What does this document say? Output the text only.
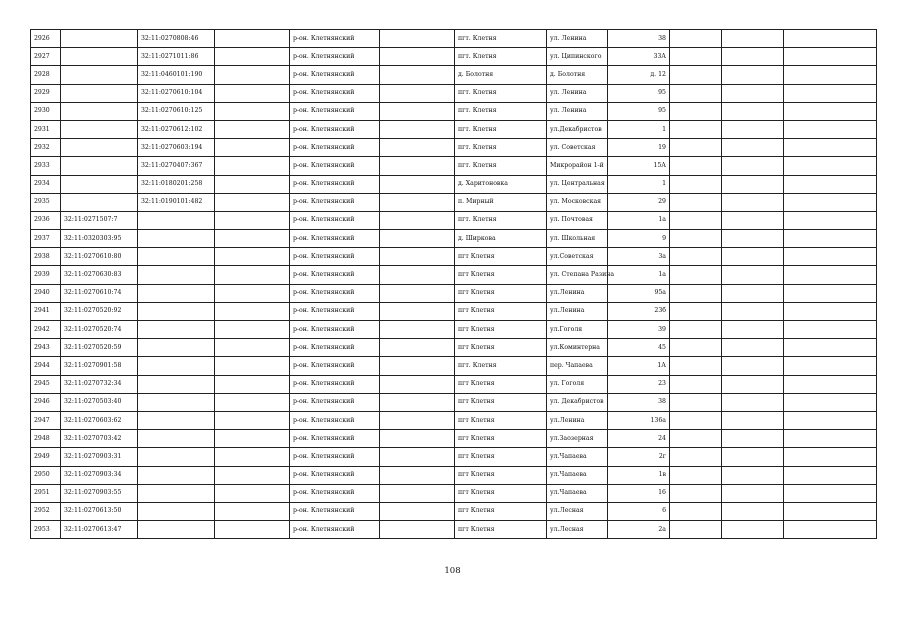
2926		32:11:0270808:46		р-он. Клетнянский		пгт. Клетня	ул. Ленина	38			
2927		32:11:0271011:86		р-он. Клетнянский		пгт. Клетня	ул. Ципинского	33А			
2928		32:11:0460101:190		р-он. Клетнянский		д. Болотня	д. Болотня	д. 12			
2929		32:11:0270610:104		р-он. Клетнянский		пгт. Клетня	ул. Ленина	95			
2930		32:11:0270610:125		р-он. Клетнянский		пгт. Клетня	ул. Ленина	95			
2931		32:11:0270612:102		р-он. Клетнянский		пгт. Клетня	ул.Декабристов	1			
2932		32:11:0270603:194		р-он. Клетнянский		пгт. Клетня	ул. Советская	19			
2933		32:11:0270407:367		р-он. Клетнянский		пгт. Клетня	Микрорайон 1-й	15А			
2934		32:11:0180201:258		р-он. Клетнянский		д. Харитоновка	ул. Центральная	1			
2935		32:11:0190101:482		р-он. Клетнянский		п. Мирный	ул. Московская	29			
2936	32:11:0271507:7			р-он. Клетнянский		пгт. Клетня	ул. Почтовая	1а			
2937	32:11:0320303:95			р-он. Клетнянский		д. Ширкова	ул. Школьная	9			
2938	32:11:0270610:80			р-он. Клетнянский		пгт Клетня	ул.Советская	3а			
2939	32:11:0270630:83			р-он. Клетнянский		пгт Клетня	ул. Степана Разина	1а			
2940	32:11:0270610:74			р-он. Клетнянский		пгт Клетня	ул.Ленина	95а			
2941	32:11:0270520:92			р-он. Клетнянский		пгт Клетня	ул.Ленина	23б			
2942	32:11:0270520:74			р-он. Клетнянский		пгт Клетня	ул.Гоголя	39			
2943	32:11:0270520:59			р-он. Клетнянский		пгт Клетня	ул.Коминтерна	45			
2944	32:11:0270901:58			р-он. Клетнянский		пгт. Клетня	пер. Чапаева	1А			
2945	32:11:0270732:34			р-он. Клетнянский		пгт Клетня	ул. Гоголя	23			
2946	32:11:0270503:40			р-он. Клетнянский		пгт Клетня	ул. Декабристов	38			
2947	32:11:0270603:62			р-он. Клетнянский		пгт Клетня	ул.Ленина	136а			
2948	32:11:0270703:42			р-он. Клетнянский		пгт Клетня	ул.Заозерная	24			
2949	32:11:0270903:31			р-он. Клетнянский		пгт Клетня	ул.Чапаева	2г			
2950	32:11:0270903:34			р-он. Клетнянский		пгт Клетня	ул.Чапаева	1в			
2951	32:11:0270903:55			р-он. Клетнянский		пгт Клетня	ул.Чапаева	16			
2952	32:11:0270613:50			р-он. Клетнянский		пгт Клетня	ул.Лесная	6			
2953	32:11:0270613:47			р-он. Клетнянский		пгт Клетня	ул.Лесная	2а			
108
